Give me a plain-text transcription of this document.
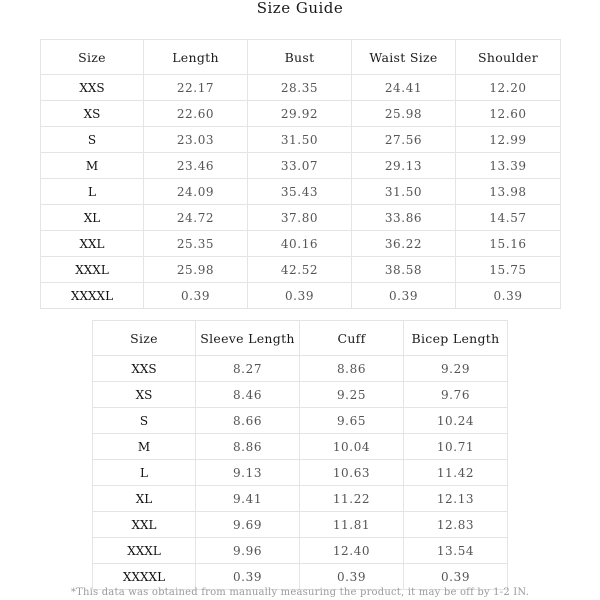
Size Guide
Size	Length	Bust	Waist Size	Shoulder
XXS	22.17	28.35	24.41	12.20
XS	22.60	29.92	25.98	12.60
S	23.03	31.50	27.56	12.99
M	23.46	33.07	29.13	13.39
L	24.09	35.43	31.50	13.98
XL	24.72	37.80	33.86	14.57
XXL	25.35	40.16	36.22	15.16
XXXL	25.98	42.52	38.58	15.75
XXXXL	0.39	0.39	0.39	0.39
Size	Sleeve Length	Cuff	Bicep Length
XXS	8.27	8.86	9.29
XS	8.46	9.25	9.76
S	8.66	9.65	10.24
M	8.86	10.04	10.71
L	9.13	10.63	11.42
XL	9.41	11.22	12.13
XXL	9.69	11.81	12.83
XXXL	9.96	12.40	13.54
XXXXL	0.39	0.39	0.39
*This data was obtained from manually measuring the product, it may be off by 1-2 IN.
